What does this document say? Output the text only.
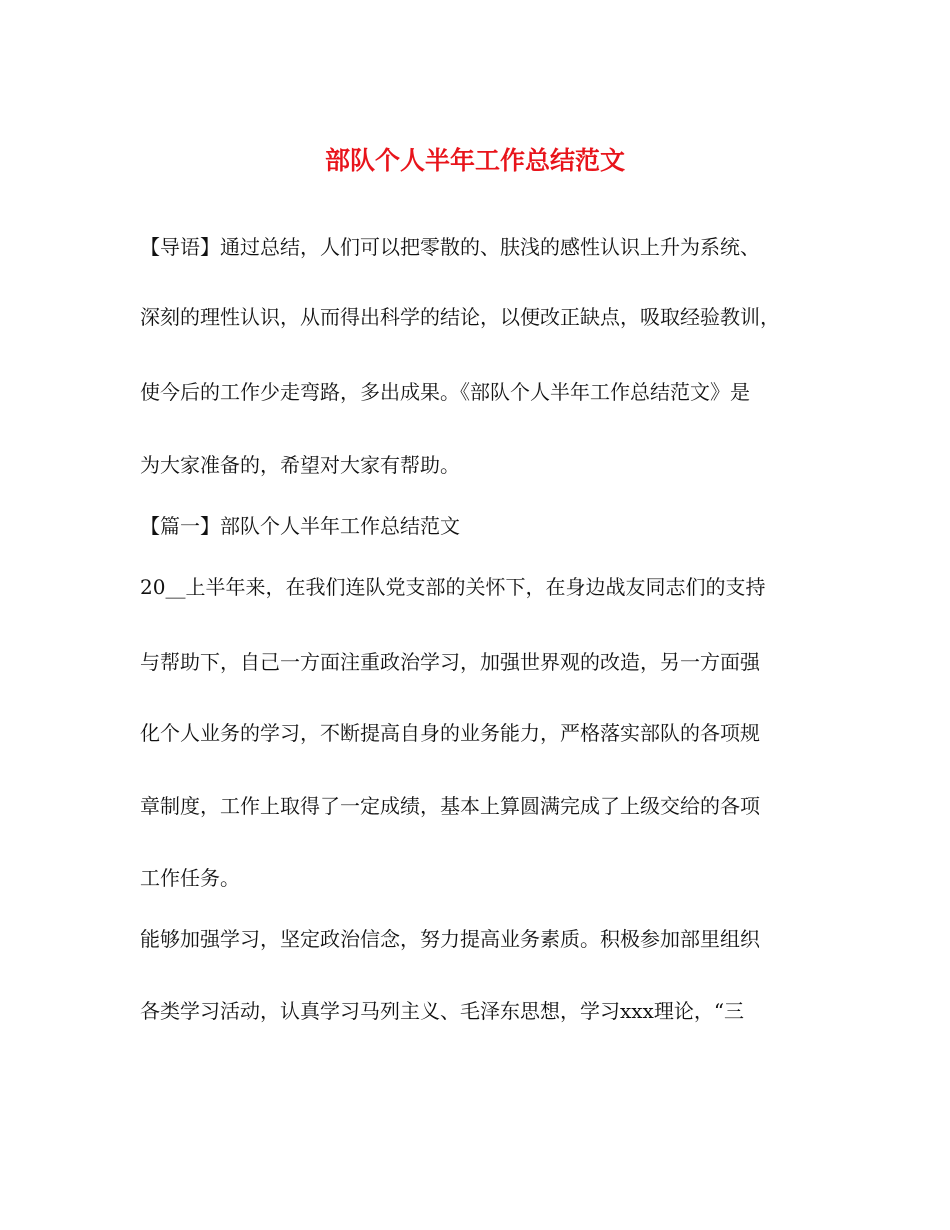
部队个人半年工作总结范文

【导语】通过总结，人们可以把零散的、肤浅的感性认识上升为系统、

深刻的理性认识，从而得出科学的结论，以便改正缺点，吸取经验教训，

使今后的工作少走弯路，多出成果。《部队个人半年工作总结范文》是

为大家准备的，希望对大家有帮助。

【篇一】部队个人半年工作总结范文

20__上半年来，在我们连队党支部的关怀下，在身边战友同志们的支持

与帮助下，自己一方面注重政治学习，加强世界观的改造，另一方面强

化个人业务的学习，不断提高自身的业务能力，严格落实部队的各项规

章制度，工作上取得了一定成绩，基本上算圆满完成了上级交给的各项

工作任务。

能够加强学习，坚定政治信念，努力提高业务素质。积极参加部里组织

各类学习活动，认真学习马列主义、毛泽东思想，学习xxx理论，“三
